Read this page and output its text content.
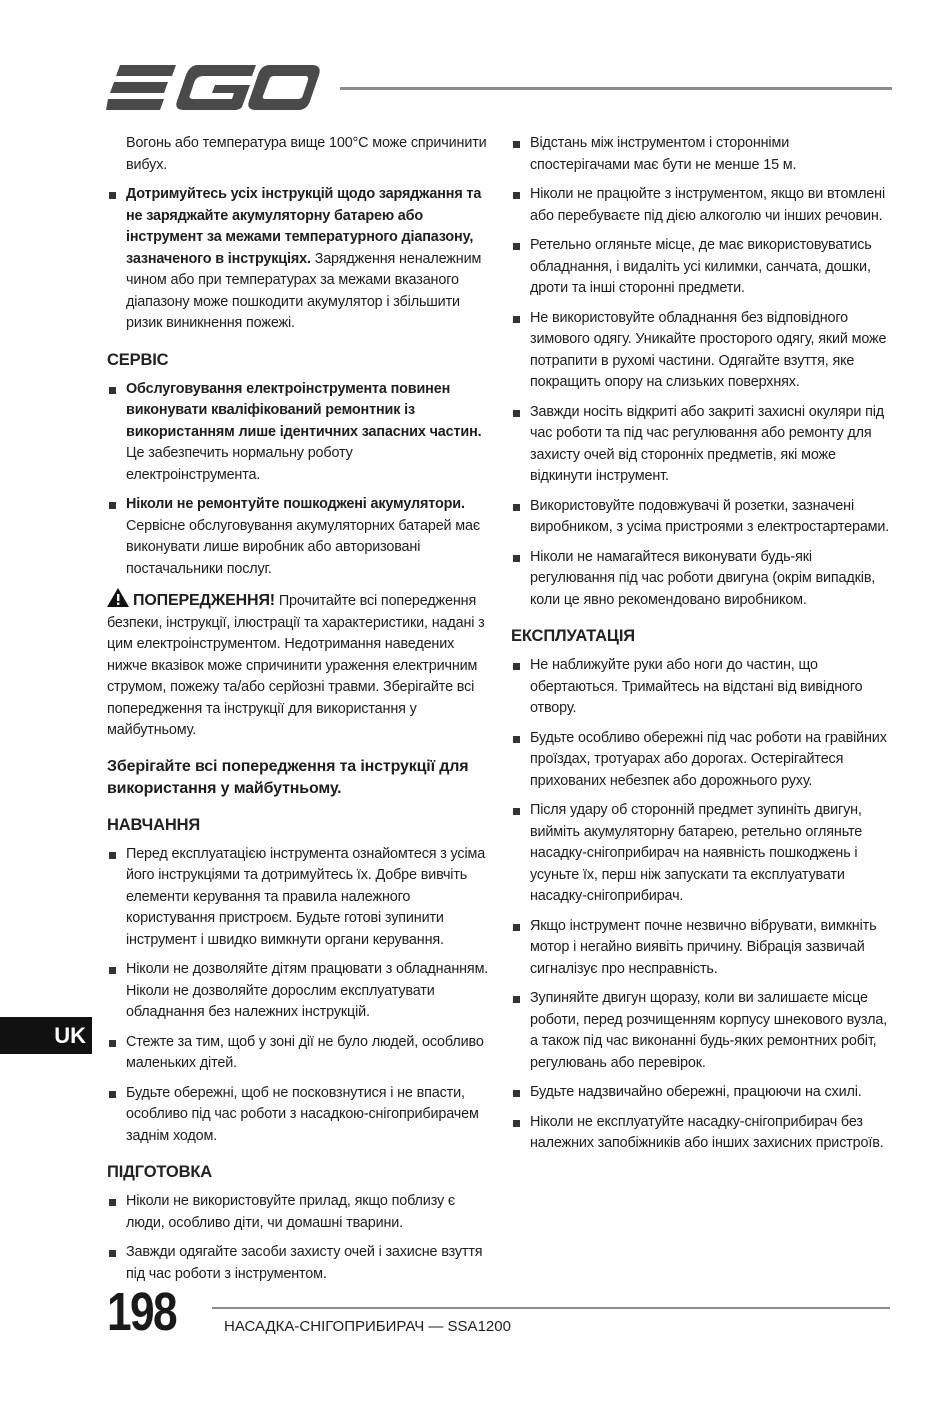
Вогонь або температура вище 100°C може спричинити вибух.

Дотримуйтесь усіх інструкцій щодо заряджання та не заряджайте акумуляторну батарею або інструмент за межами температурного діапазону, зазначеного в інструкціях. Зарядження неналежним чином або при температурах за межами вказаного діапазону може пошкодити акумулятор і збільшити ризик виникнення пожежі.
СЕРВІС
Обслуговування електроінструмента повинен виконувати кваліфікований ремонтник із використанням лише ідентичних запасних частин. Це забезпечить нормальну роботу електроінструмента.
Ніколи не ремонтуйте пошкоджені акумулятори. Сервісне обслуговування акумуляторних батарей має виконувати лише виробник або авторизовані постачальники послуг.
ПОПЕРЕДЖЕННЯ! Прочитайте всі попередження безпеки, інструкції, ілюстрації та характеристики, надані з цим електроінструментом. Недотримання наведених нижче вказівок може спричинити ураження електричним струмом, пожежу та/або серйозні травми. Зберігайте всі попередження та інструкції для використання у майбутньому.
Зберігайте всі попередження та інструкції для використання у майбутньому.
НАВЧАННЯ
Перед експлуатацією інструмента ознайомтеся з усіма його інструкціями та дотримуйтесь їх. Добре вивчіть елементи керування та правила належного користування пристроєм. Будьте готові зупинити інструмент і швидко вимкнути органи керування.
Ніколи не дозволяйте дітям працювати з обладнанням. Ніколи не дозволяйте дорослим експлуатувати обладнання без належних інструкцій.
Стежте за тим, щоб у зоні дії не було людей, особливо маленьких дітей.
Будьте обережні, щоб не посковзнутися і не впасти, особливо під час роботи з насадкою-снігоприбирачем заднім ходом.
ПІДГОТОВКА
Ніколи не використовуйте прилад, якщо поблизу є люди, особливо діти, чи домашні тварини.
Завжди одягайте засоби захисту очей і захисне взуття під час роботи з інструментом.
Відстань між інструментом і сторонніми спостерігачами має бути не менше 15 м.
Ніколи не працюйте з інструментом, якщо ви втомлені або перебуваєте під дією алкоголю чи інших речовин.
Ретельно огляньте місце, де має використовуватись обладнання, і видаліть усі килимки, санчата, дошки, дроти та інші сторонні предмети.
Не використовуйте обладнання без відповідного зимового одягу. Уникайте просторого одягу, який може потрапити в рухомі частини. Одягайте взуття, яке покращить опору на слизьких поверхнях.
Завжди носіть відкриті або закриті захисні окуляри під час роботи та під час регулювання або ремонту для захисту очей від сторонніх предметів, які може відкинути інструмент.
Використовуйте подовжувачі й розетки, зазначені виробником, з усіма пристроями з електростартерами.
Ніколи не намагайтеся виконувати будь-які регулювання під час роботи двигуна (окрім випадків, коли це явно рекомендовано виробником.
ЕКСПЛУАТАЦІЯ
Не наближуйте руки або ноги до частин, що обертаються. Тримайтесь на відстані від вивідного отвору.
Будьте особливо обережні під час роботи на гравійних проїздах, тротуарах або дорогах. Остерігайтеся прихованих небезпек або дорожнього руху.
Після удару об сторонній предмет зупиніть двигун, вийміть акумуляторну батарею, ретельно огляньте насадку-снігоприбирач на наявність пошкоджень і усуньте їх, перш ніж запускати та експлуатувати насадку-снігоприбирач.
Якщо інструмент почне незвично вібрувати, вимкніть мотор і негайно виявіть причину. Вібрація зазвичай сигналізує про несправність.
Зупиняйте двигун щоразу, коли ви залишаєте місце роботи, перед розчищенням корпусу шнекового вузла, а також під час виконанні будь-яких ремонтних робіт, регулювань або перевірок.
Будьте надзвичайно обережні, працюючи на схилі.
Ніколи не експлуатуйте насадку-снігоприбирач без належних запобіжників або інших захисних пристроїв.
UK
198	НАСАДКА-СНІГОПРИБИРАЧ — SSA1200
